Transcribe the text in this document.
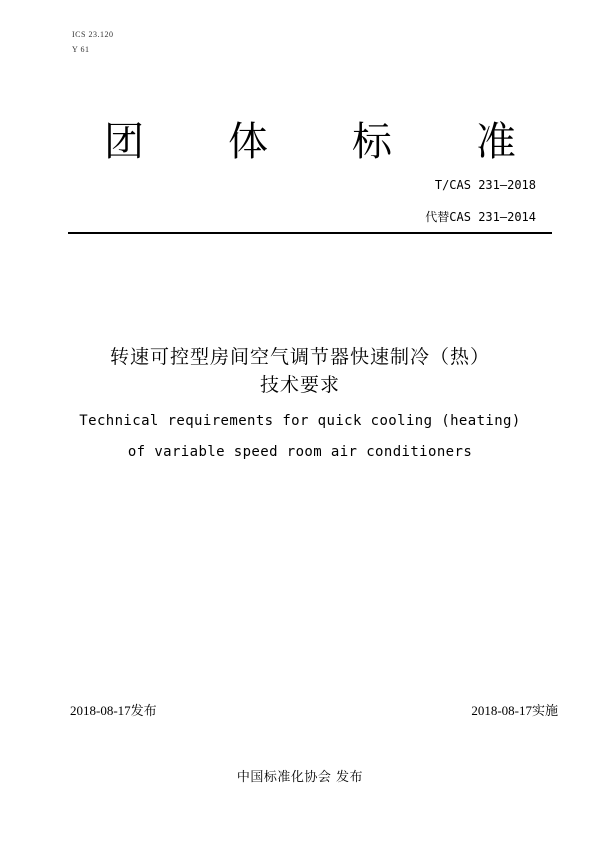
ICS 23.120
Y 61
团 体 标 准
T/CAS 231—2018
代替CAS 231—2014
转速可控型房间空气调节器快速制冷（热）
技术要求
Technical requirements for quick cooling (heating)
of variable speed room air conditioners
2018-08-17发布	2018-08-17实施
中国标准化协会 发布
